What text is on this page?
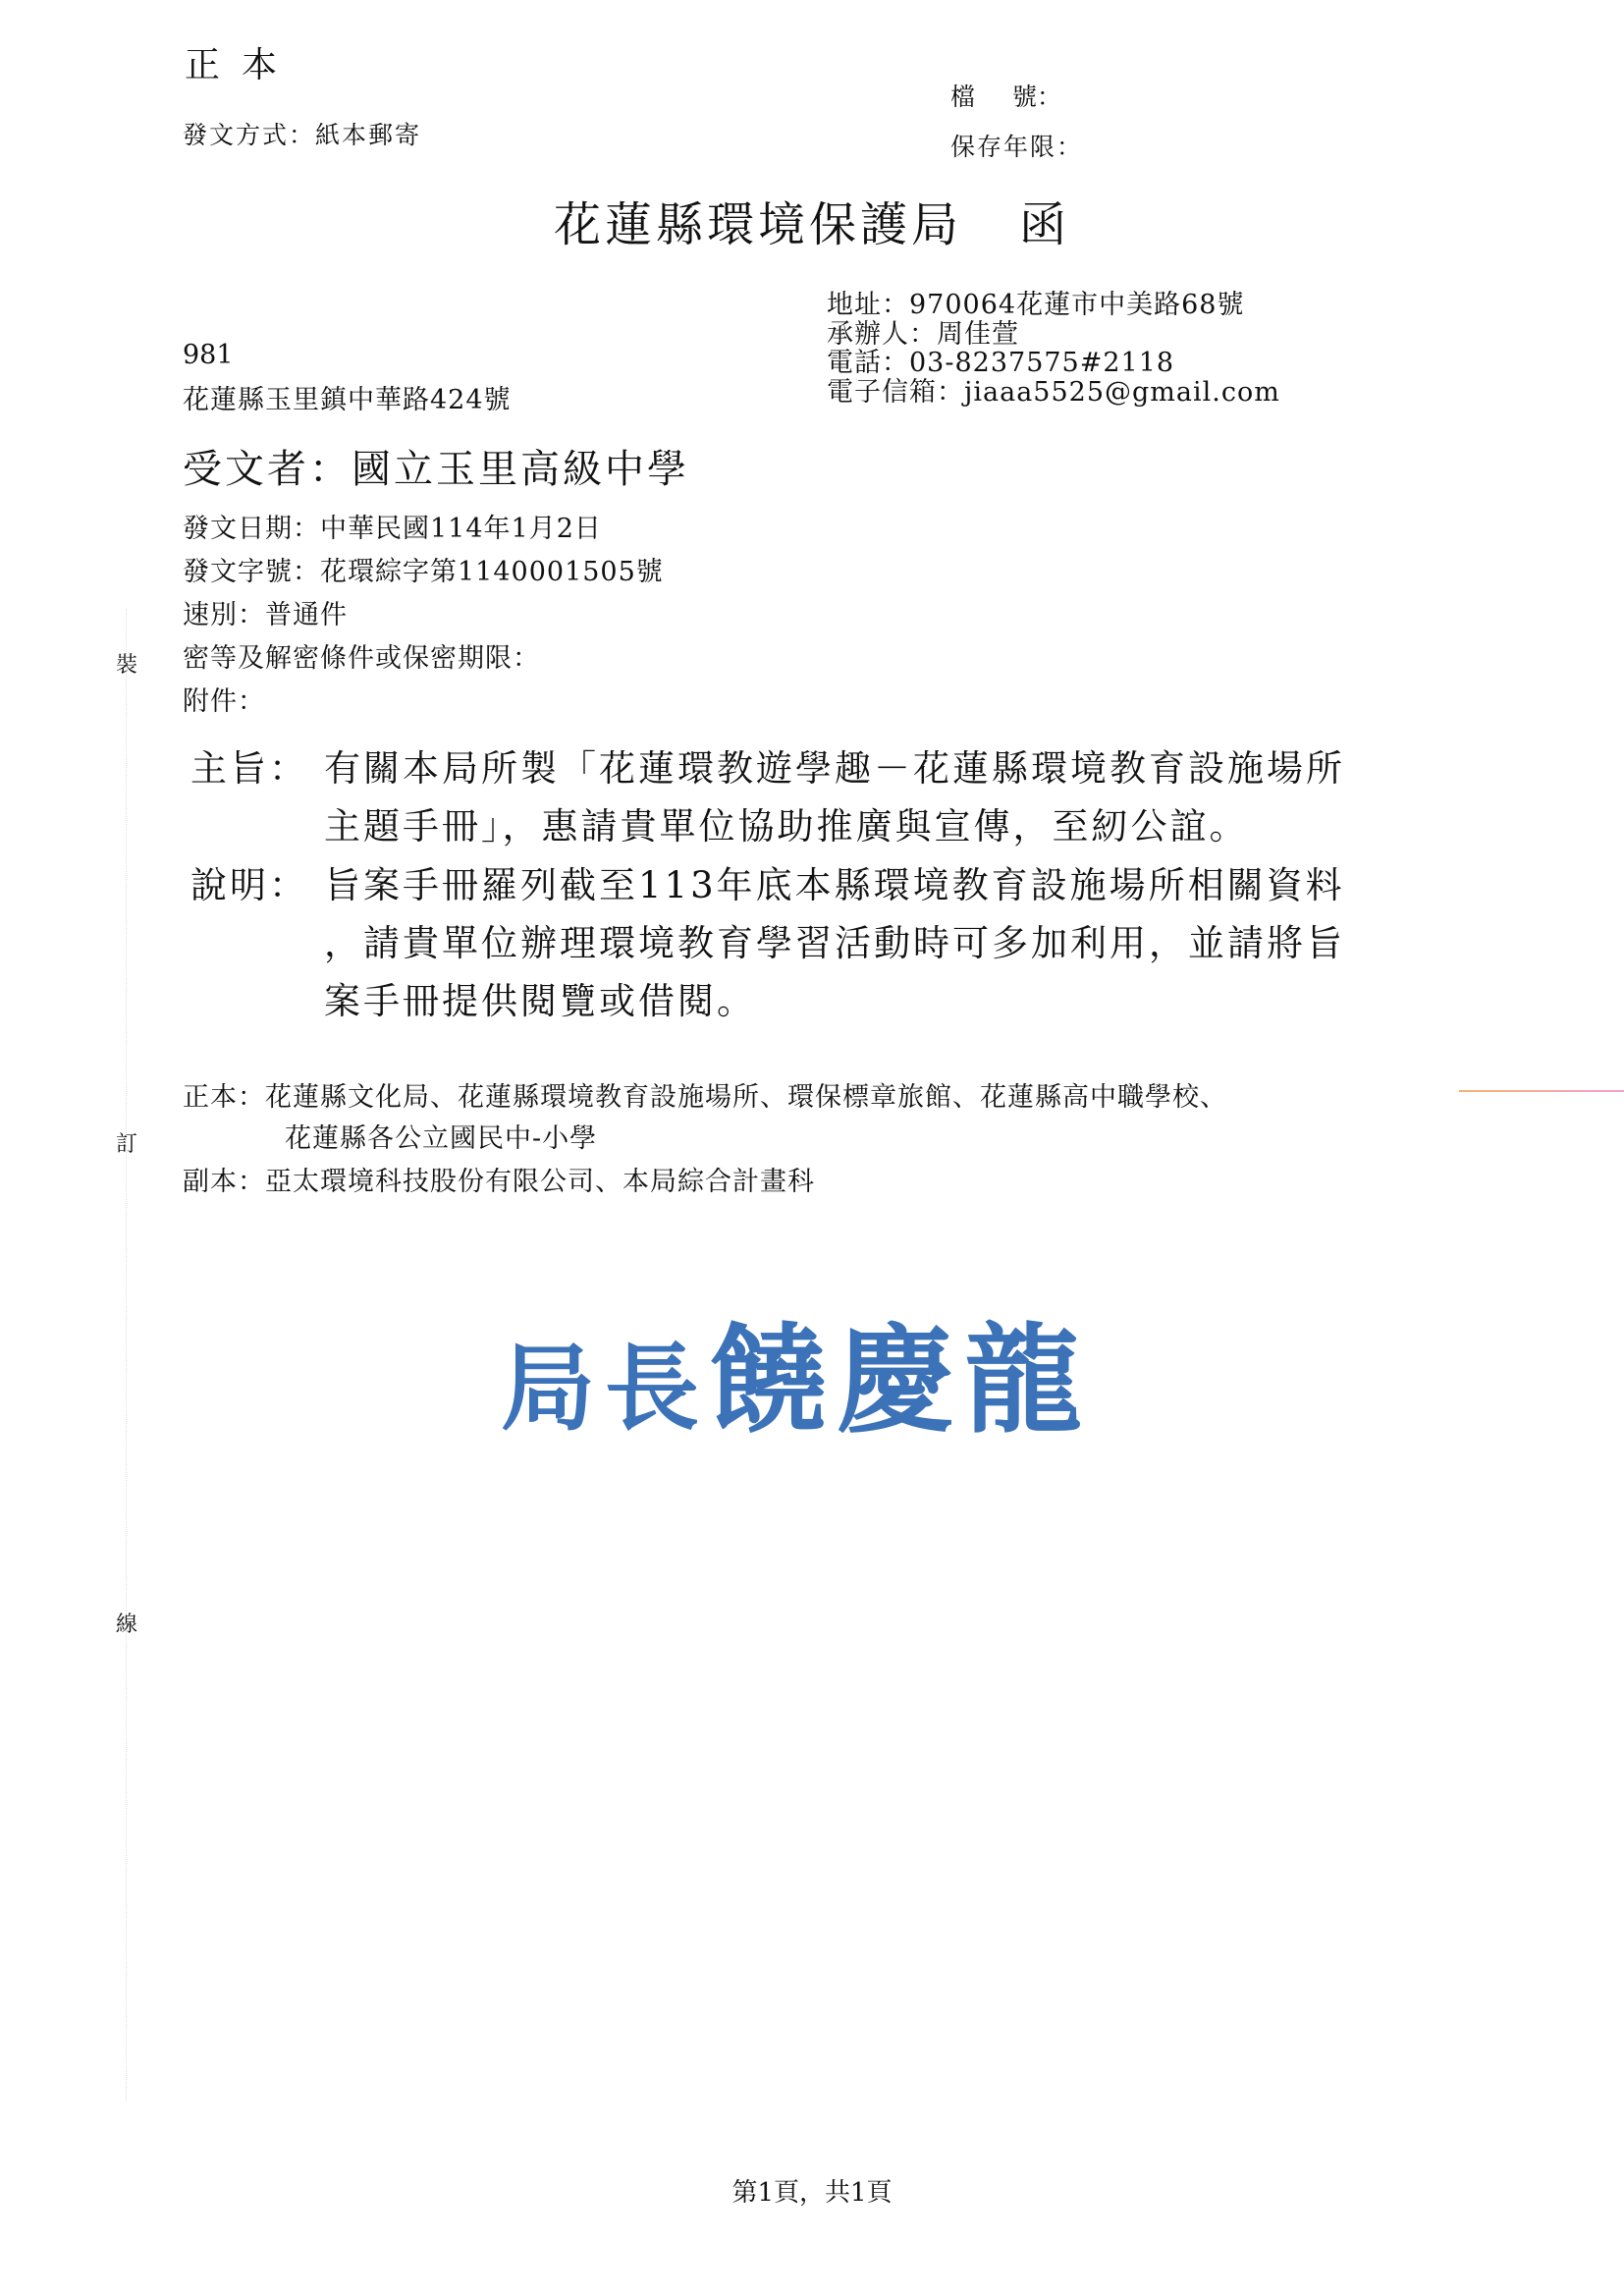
正本
發文方式：紙本郵寄
檔 號：
保存年限：
花蓮縣環境保護局 函
地址：970064花蓮市中美路68號
承辦人：周佳萱
電話：03-8237575#2118
電子信箱：jiaaa5525@gmail.com
981
花蓮縣玉里鎮中華路424號
受文者：國立玉里高級中學
發文日期：中華民國114年1月2日
發文字號：花環綜字第1140001505號
速別：普通件
密等及解密條件或保密期限：
附件：
主旨： 有關本局所製「花蓮環教遊學趣－花蓮縣環境教育設施場所
主題手冊」，惠請貴單位協助推廣與宣傳，至紉公誼。
說明： 旨案手冊羅列截至113年底本縣環境教育設施場所相關資料
，請貴單位辦理環境教育學習活動時可多加利用，並請將旨
案手冊提供閱覽或借閱。
正本：花蓮縣文化局、花蓮縣環境教育設施場所、環保標章旅館、花蓮縣高中職學校、
花蓮縣各公立國民中-小學
副本：亞太環境科技股份有限公司、本局綜合計畫科
局長饒慶龍
裝
訂
線
第1頁，共1頁
